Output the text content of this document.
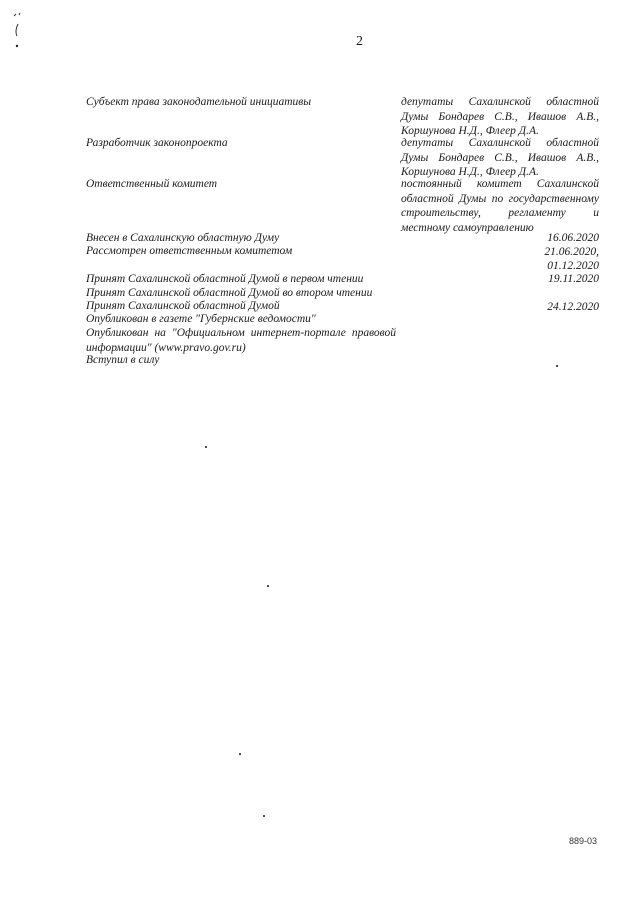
2
Субъект права законодательной инициативы	депутаты Сахалинской областной Думы Бондарев С.В., Ивашов А.В., Коршунова Н.Д., Флеер Д.А.
Разработчик законопроекта	депутаты Сахалинской областной Думы Бондарев С.В., Ивашов А.В., Коршунова Н.Д., Флеер Д.А.
Ответственный комитет	постоянный комитет Сахалинской областной Думы по государственному строительству, регламенту и местному самоуправлению
Внесен в Сахалинскую областную Думу	16.06.2020
Рассмотрен ответственным комитетом	21.06.2020,
01.12.2020
Принят Сахалинской областной Думой в первом чтении	19.11.2020
Принят Сахалинской областной Думой во втором чтении
Принят Сахалинской областной Думой	24.12.2020
Опубликован в газете "Губернские ведомости"
Опубликован на "Официальном интернет-портале правовой информации" (www.pravo.gov.ru)
Вступил в силу
889-03
